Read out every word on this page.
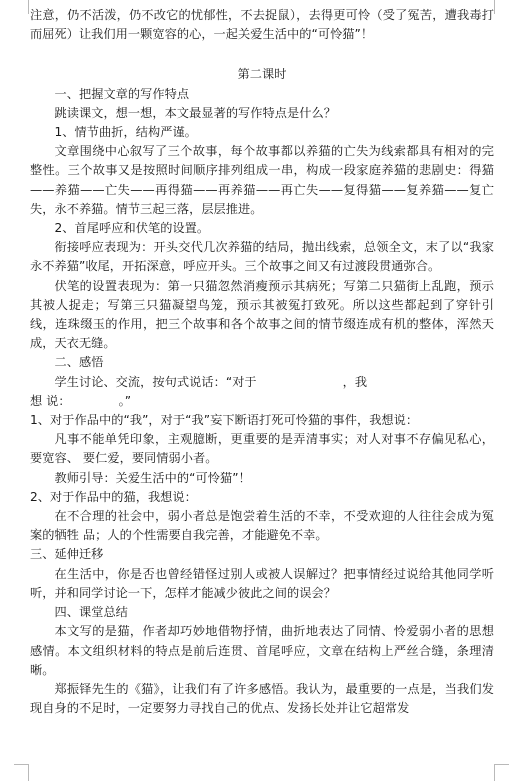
注意，仍不活泼，仍不改它的忧郁性，不去捉鼠），去得更可怜（受了冤苦，遭我毒打而屈死）让我们用一颗宽容的心，一起关爱生活中的“可怜猫”！

第二课时

一、把握文章的写作特点

跳读课文，想一想，本文最显著的写作特点是什么？

1、情节曲折，结构严谨。

文章围绕中心叙写了三个故事，每个故事都以养猫的亡失为线索都具有相对的完整性。三个故事又是按照时间顺序排列组成一串，构成一段家庭养猫的悲剧史：得猫——养猫——亡失——再得猫——再养猫——再亡失——复得猫——复养猫——复亡失，永不养猫。情节三起三落，层层推进。

2、首尾呼应和伏笔的设置。

衔接呼应表现为：开头交代几次养猫的结局，抛出线索，总领全文，末了以“我家永不养猫”收尾，开拓深意，呼应开头。三个故事之间又有过渡段贯通弥合。

伏笔的设置表现为：第一只猫忽然消瘦预示其病死；写第二只猫街上乱跑，预示其被人捉走；写第三只猫凝望鸟笼，预示其被冤打致死。所以这些都起到了穿针引线，连珠缀玉的作用，把三个故事和各个故事之间的情节缀连成有机的整体，浑然天成，天衣无缝。

二、感悟

学生讨论、交流，按句式说话：“对于	，我

想 说：	。”

1、对于作品中的“我”，对于“我”妄下断语打死可怜猫的事件，我想说：

凡事不能单凭印象，主观臆断，更重要的是弄清事实；对人对事不存偏见私心，要宽容、 要仁爱，要同情弱小者。

教师引导：关爱生活中的“可怜猫”！

2、对于作品中的猫，我想说：

在不合理的社会中，弱小者总是饱尝着生活的不幸，不受欢迎的人往往会成为冤案的牺牲 品；人的个性需要自我完善，才能避免不幸。

三、延伸迁移

在生活中，你是否也曾经错怪过别人或被人误解过？把事情经过说给其他同学听听，并和同学讨论一下，怎样才能减少彼此之间的误会？

四、课堂总结

本文写的是猫，作者却巧妙地借物抒情，曲折地表达了同情、怜爱弱小者的思想感情。本文组织材料的特点是前后连贯、首尾呼应，文章在结构上严丝合缝，条理清晰。

郑振铎先生的《猫》，让我们有了许多感悟。我认为，最重要的一点是，当我们发现自身的不足时，一定要努力寻找自己的优点、发扬长处并让它超常发
